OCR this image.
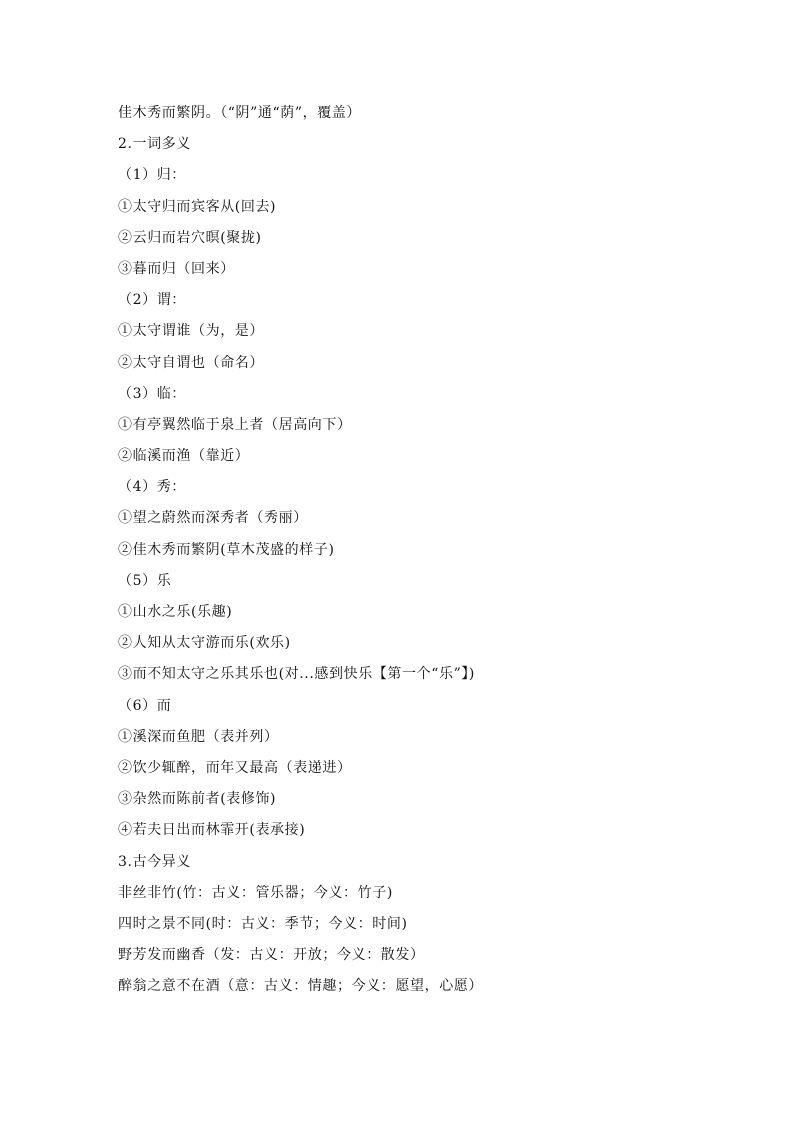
佳木秀而繁阴。（“阴”通“荫”，覆盖）
2.一词多义
（1）归：
①太守归而宾客从(回去)
②云归而岩穴暝(聚拢)
③暮而归（回来）
（2）谓：
①太守谓谁（为，是）
②太守自谓也（命名）
（3）临：
①有亭翼然临于泉上者（居高向下）
②临溪而渔（靠近）
（4）秀：
①望之蔚然而深秀者（秀丽）
②佳木秀而繁阴(草木茂盛的样子)
（5）乐
①山水之乐(乐趣)
②人知从太守游而乐(欢乐)
③而不知太守之乐其乐也(对...感到快乐【第一个“乐”】)
（6）而
①溪深而鱼肥（表并列）
②饮少辄醉，而年又最高（表递进）
③杂然而陈前者(表修饰)
④若夫日出而林霏开(表承接)
3.古今异义
非丝非竹(竹：古义：管乐器；今义：竹子)
四时之景不同(时：古义：季节；今义：时间)
野芳发而幽香（发：古义：开放；今义：散发）
醉翁之意不在酒（意：古义：情趣；今义：愿望，心愿）
